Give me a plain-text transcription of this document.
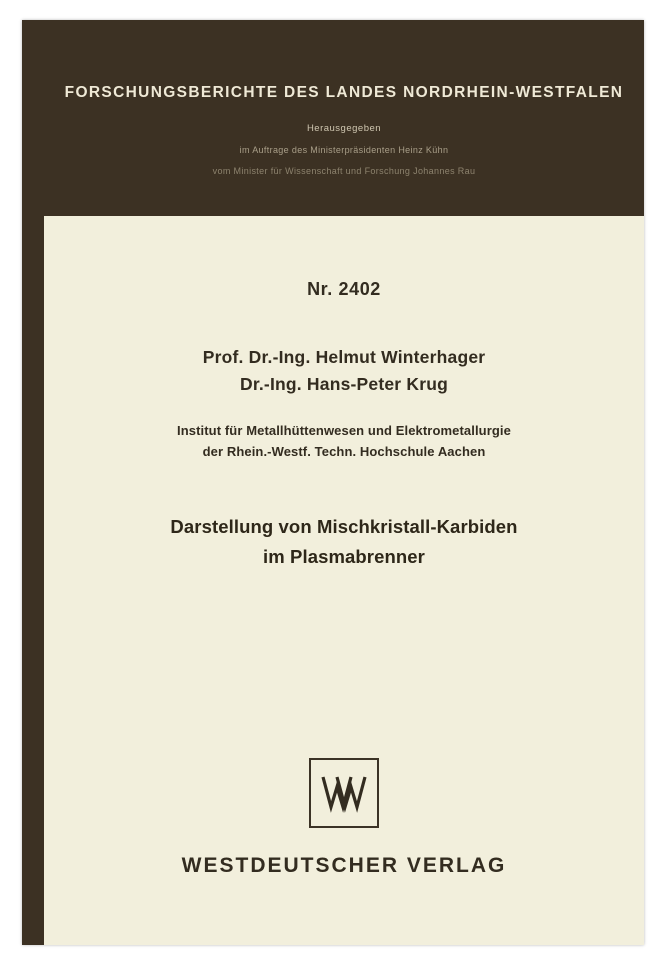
FORSCHUNGSBERICHTE DES LANDES NORDRHEIN-WESTFALEN
Herausgegeben
im Auftrage des Ministerpräsidenten Heinz Kühn
vom Minister für Wissenschaft und Forschung Johannes Rau
Nr. 2402
Prof. Dr.-Ing. Helmut Winterhager
Dr.-Ing. Hans-Peter Krug
Institut für Metallhüttenwesen und Elektrometallurgie
der Rhein.-Westf. Techn. Hochschule Aachen
Darstellung von Mischkristall-Karbiden
im Plasmabrenner
WESTDEUTSCHER VERLAG
